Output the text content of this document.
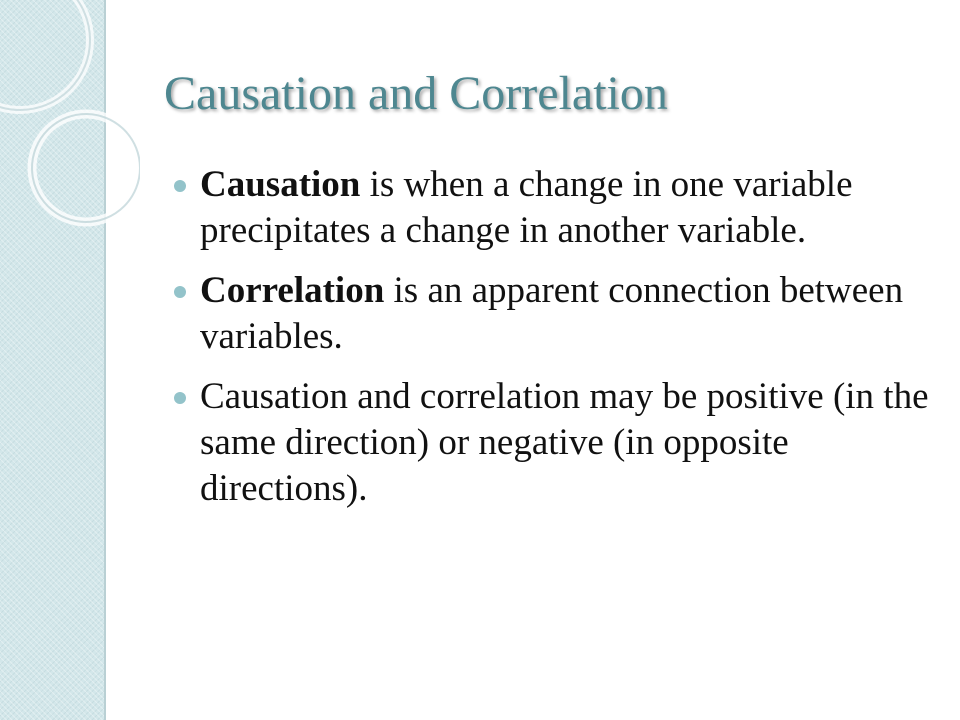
Causation and Correlation
Causation is when a change in one variable precipitates a change in another variable.
Correlation is an apparent connection between variables.
Causation and correlation may be positive (in the same direction) or negative (in opposite directions).
